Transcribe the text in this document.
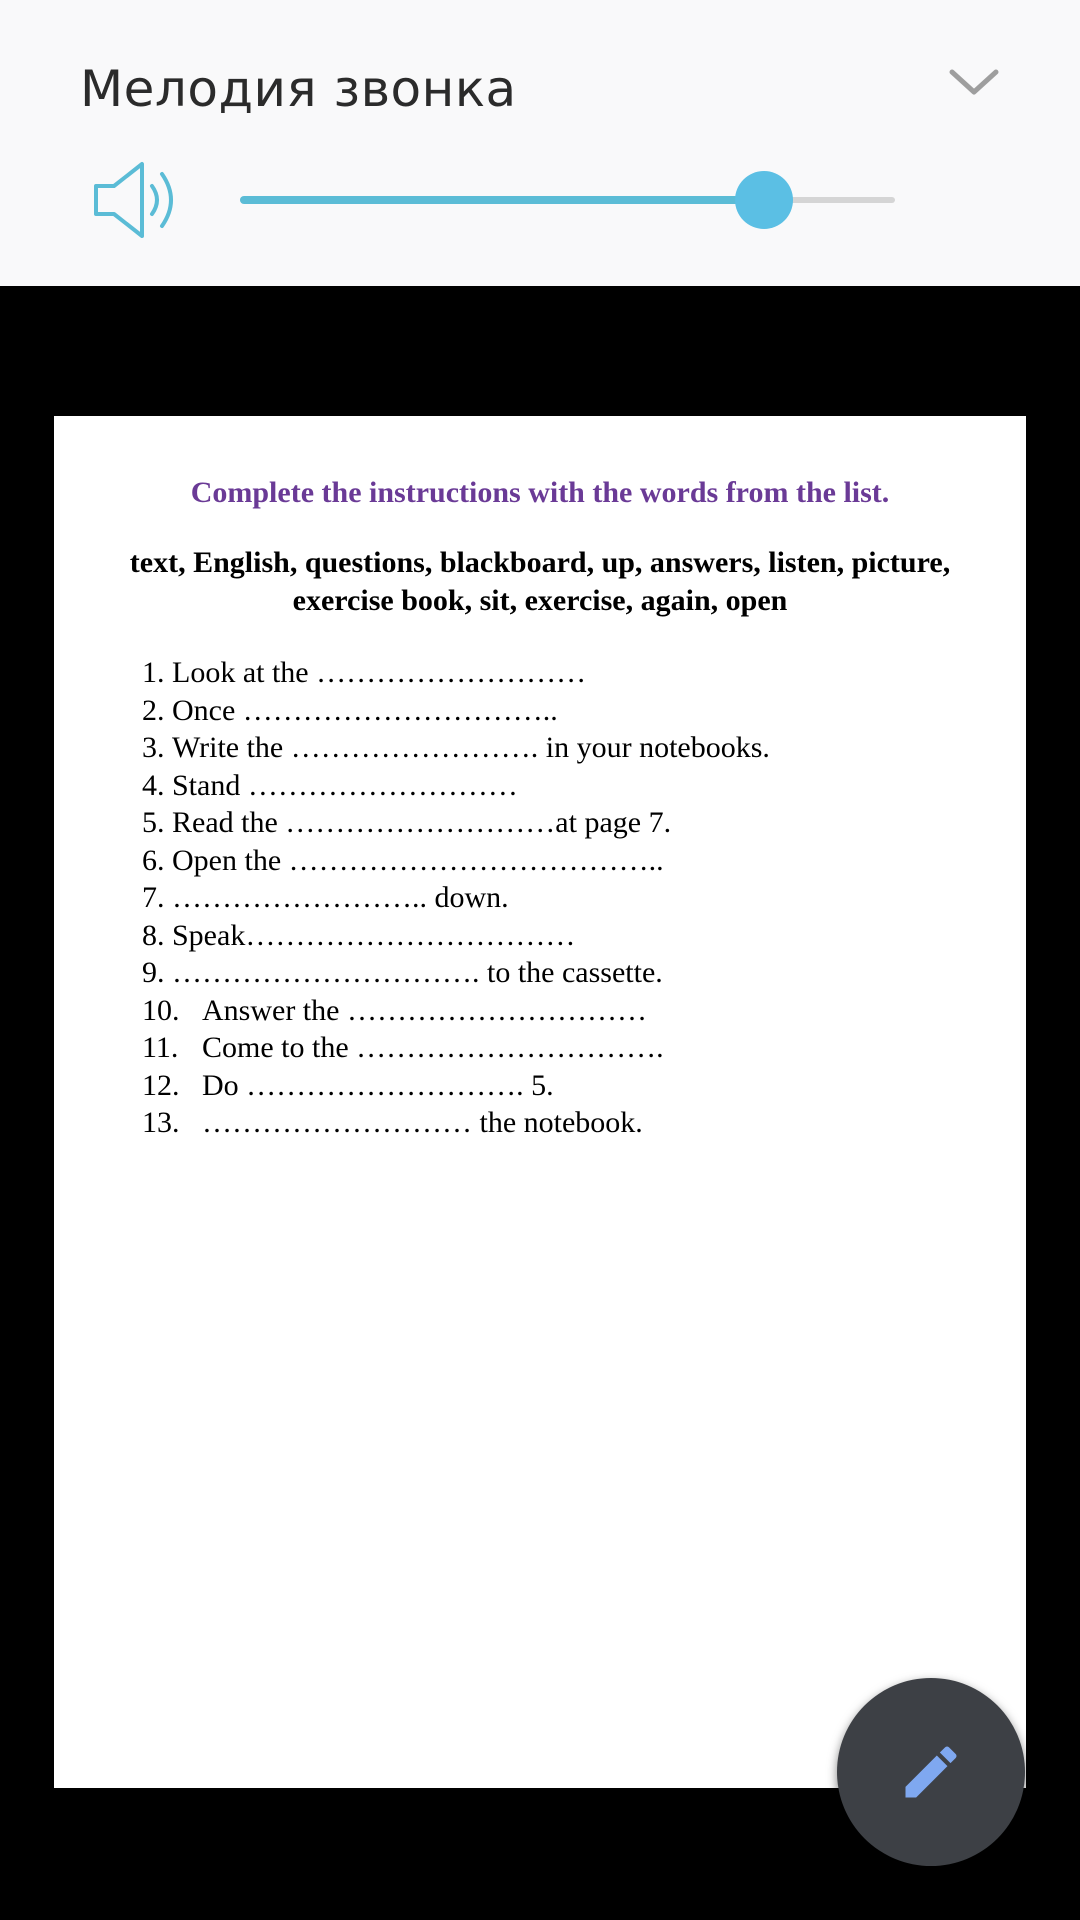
Мелодия звонка
Complete the instructions with the words from the list.
text, English, questions, blackboard, up, answers, listen, picture, exercise book, sit, exercise, again, open
1. Look at the ………………………
2. Once …………………………..
3. Write the ……………………. in your notebooks.
4. Stand ………………………
5. Read the ………………………at page 7.
6. Open the ………………………………..
7. …………………….. down.
8. Speak……………………………
9. …………………………. to the cassette.
10. Answer the …………………………
11. Come to the ………………………….
12. Do ………………………. 5.
13. ……………………… the notebook.
